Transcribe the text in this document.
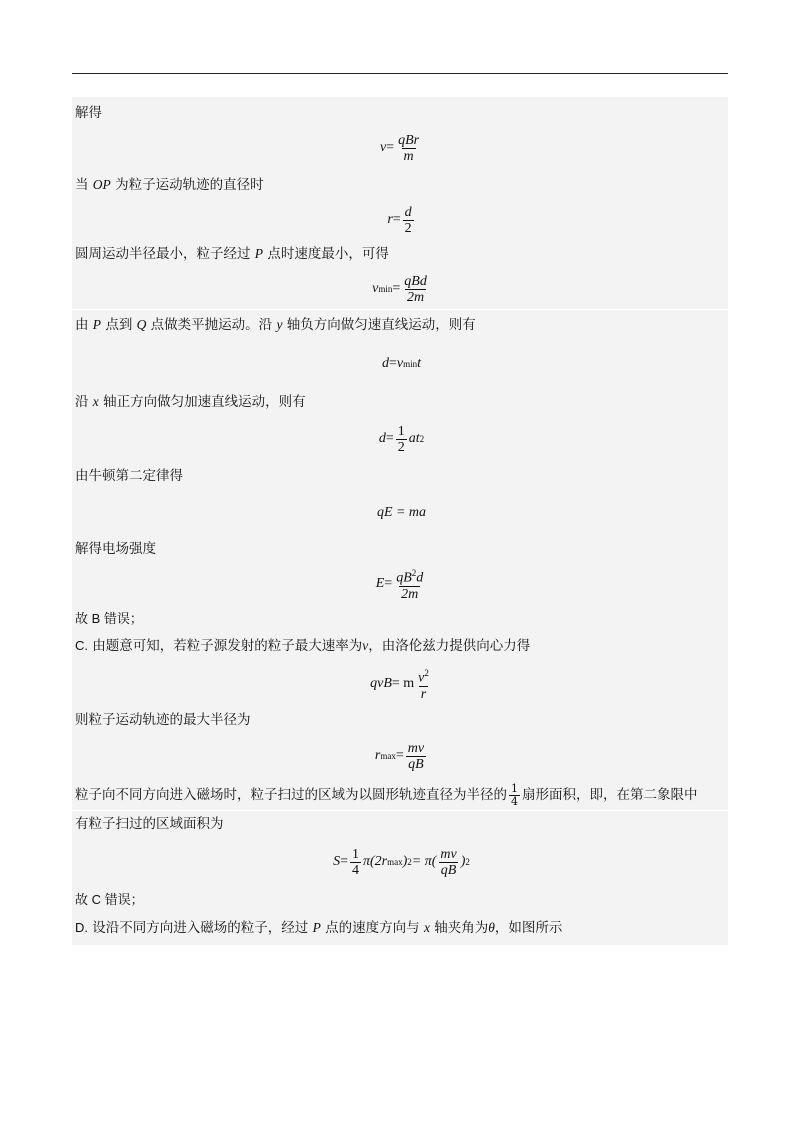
解得
$v = \frac{\text{qBr}}{m}$
当 OP 为粒子运动轨迹的直径时
$r = \frac{d}{2}$
圆周运动半径最小，粒子经过 P 点时速度最小，可得
v $\min = \frac{\text{qBd}}{2m}$
由 P 点到 Q 点做类平抛运动。沿 y 轴负方向做匀速直线运动，则有
d = v min t
沿 x 轴正方向做匀加速直线运动，则有
$d = \frac{1}{2}$ at 2
由牛顿第二定律得
qE = ma
解得电场强度
$E = \frac{qB^2d}{2m}$
故 B 错误；
C. 由题意可知，若粒子源发射的粒子最大速率为v，由洛伦兹力提供向心力得
qvB = m $\frac{v^2}{r}$
则粒子运动轨迹的最大半径为
r $\max = \frac{mv}{qB}$
粒子向不同方向进入磁场时，粒子扫过的区域为以圆形轨迹直径为半径的 $\frac{1}{4}$ 扇形面积，即，在第二象限中
有粒子扫过的区域面积为
$S = \frac{1}{4} \pi(2r$ max ) $2 = \pi( \frac{mv}{qB}$ ) 2
故 C 错误；
D. 设沿不同方向进入磁场的粒子，经过 P 点的速度方向与 x 轴夹角为θ，如图所示
